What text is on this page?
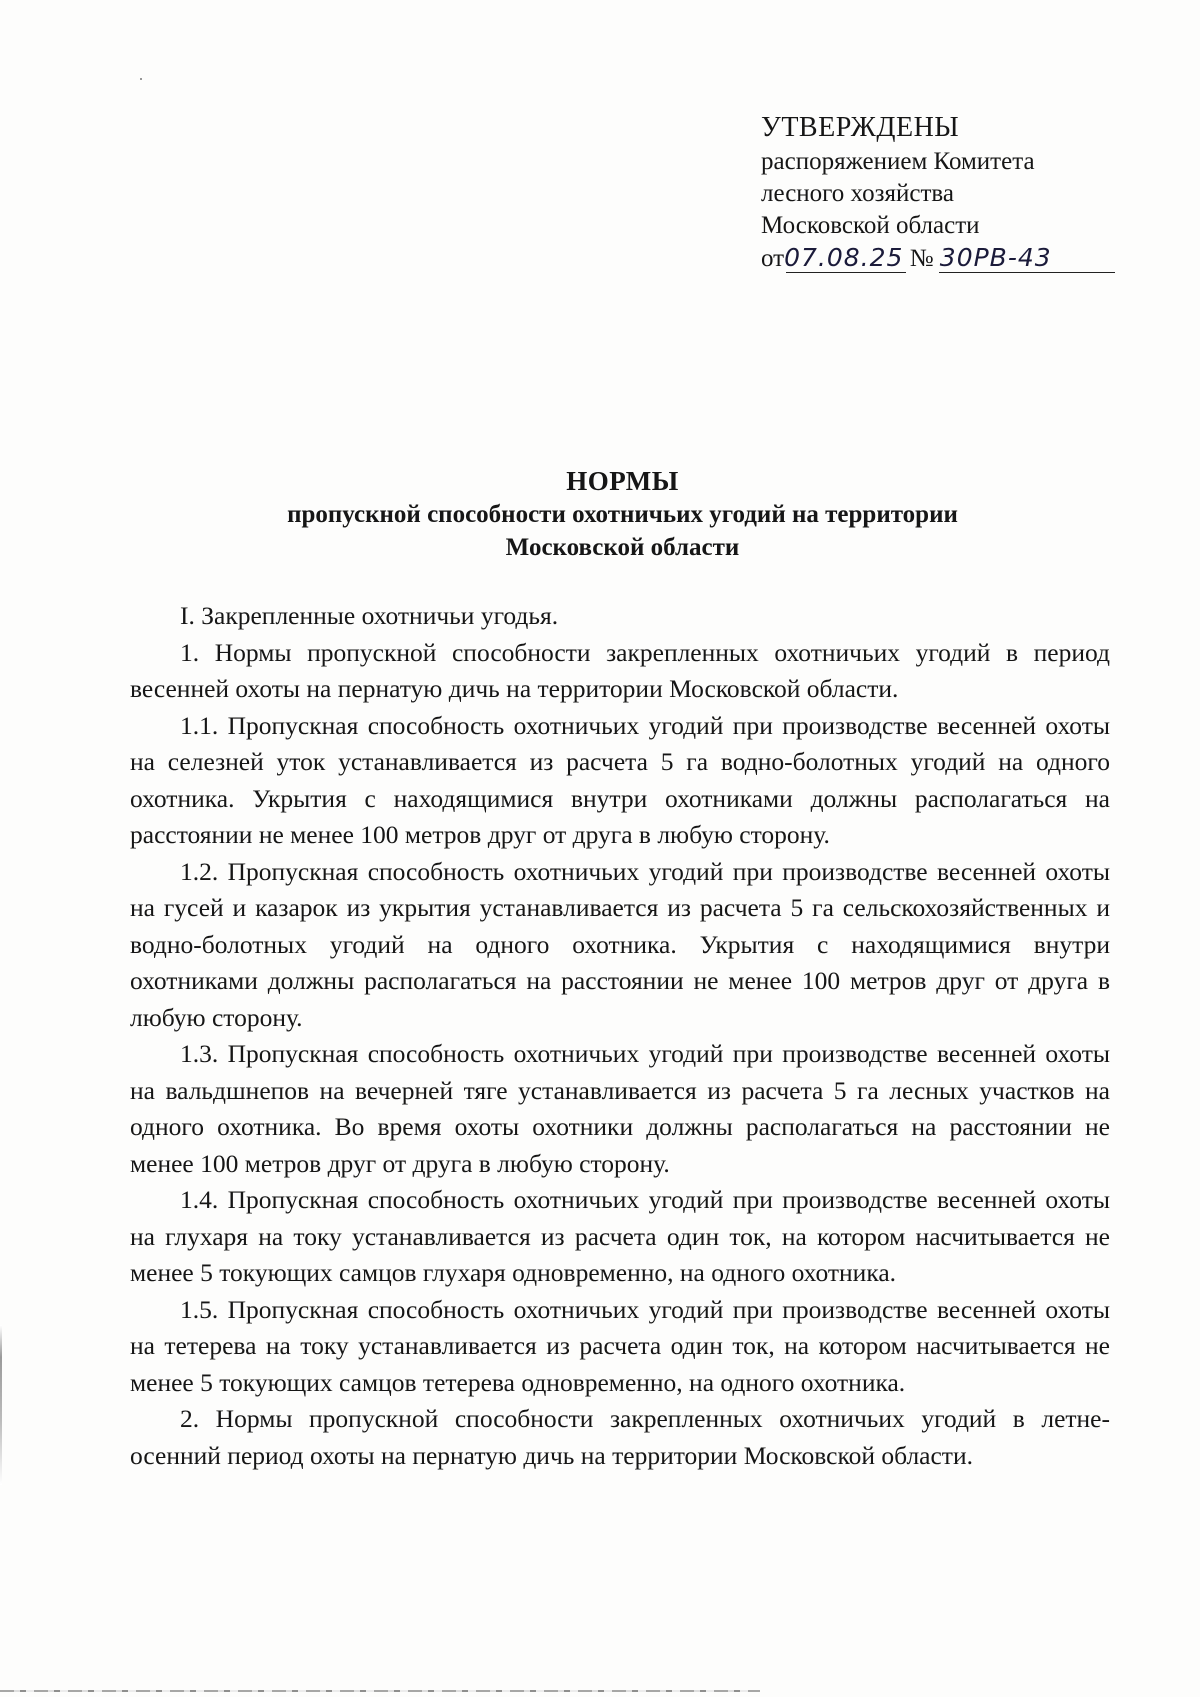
УТВЕРЖДЕНЫ
распоряжением Комитета
лесного хозяйства
Московской области
от07.08.25 № 30РВ-43
НОРМЫ
пропускной способности охотничьих угодий на территории
Московской области

I. Закрепленные охотничьи угодья.

1. Нормы пропускной способности закрепленных охотничьих угодий в период весенней охоты на пернатую дичь на территории Московской области.

1.1. Пропускная способность охотничьих угодий при производстве весенней охоты на селезней уток устанавливается из расчета 5 га водно-болотных угодий на одного охотника. Укрытия с находящимися внутри охотниками должны располагаться на расстоянии не менее 100 метров друг от друга в любую сторону.

1.2. Пропускная способность охотничьих угодий при производстве весенней охоты на гусей и казарок из укрытия устанавливается из расчета 5 га сельскохозяйственных и водно-болотных угодий на одного охотника. Укрытия с находящимися внутри охотниками должны располагаться на расстоянии не менее 100 метров друг от друга в любую сторону.

1.3. Пропускная способность охотничьих угодий при производстве весенней охоты на вальдшнепов на вечерней тяге устанавливается из расчета 5 га лесных участков на одного охотника. Во время охоты охотники должны располагаться на расстоянии не менее 100 метров друг от друга в любую сторону.

1.4. Пропускная способность охотничьих угодий при производстве весенней охоты на глухаря на току устанавливается из расчета один ток, на котором насчитывается не менее 5 токующих самцов глухаря одновременно, на одного охотника.

1.5. Пропускная способность охотничьих угодий при производстве весенней охоты на тетерева на току устанавливается из расчета один ток, на котором насчитывается не менее 5 токующих самцов тетерева одновременно, на одного охотника.

2. Нормы пропускной способности закрепленных охотничьих угодий в летне-осенний период охоты на пернатую дичь на территории Московской области.
